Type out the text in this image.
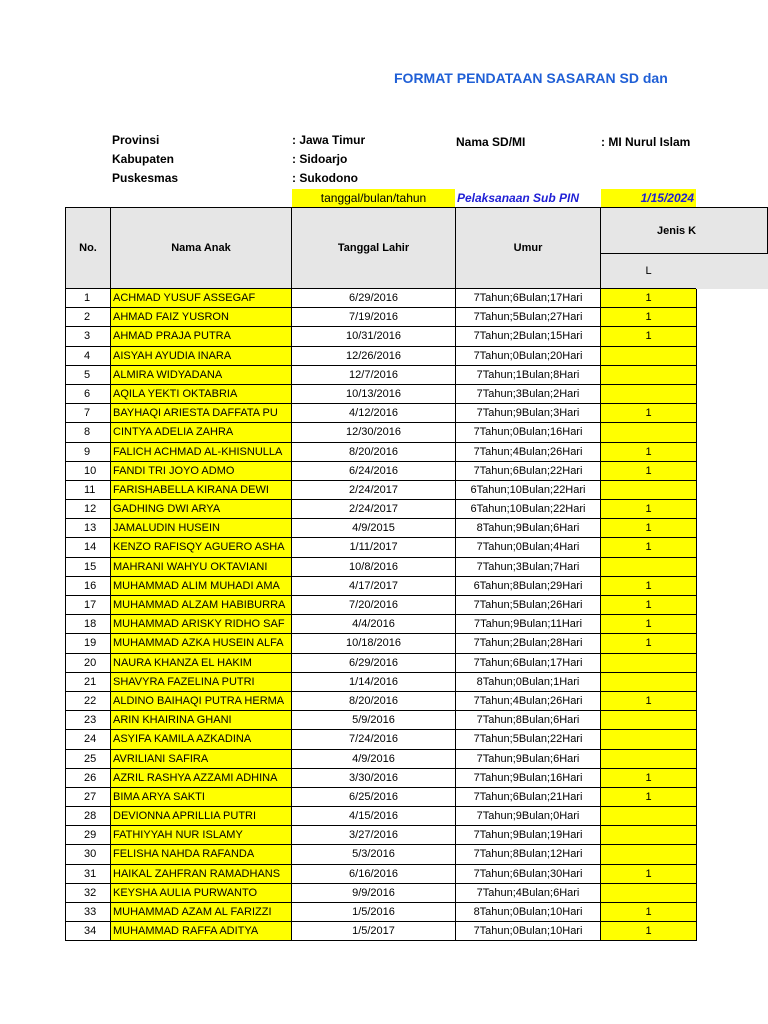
FORMAT PENDATAAN SASARAN SD dan
Provinsi	: Jawa Timur
Kabupaten	: Sidoarjo
Puskesmas	: Sukodono
Nama SD/MI	: MI Nurul Islam
tanggal/bulan/tahun	Pelaksanaan Sub PIN	1/15/2024
No.	Nama Anak	Tanggal Lahir	Umur
Jenis K
L
1	ACHMAD YUSUF ASSEGAF	6/29/2016	7Tahun;6Bulan;17Hari	1
2	AHMAD FAIZ YUSRON	7/19/2016	7Tahun;5Bulan;27Hari	1
3	AHMAD PRAJA PUTRA	10/31/2016	7Tahun;2Bulan;15Hari	1
4	AISYAH AYUDIA INARA	12/26/2016	7Tahun;0Bulan;20Hari
5	ALMIRA WIDYADANA	12/7/2016	7Tahun;1Bulan;8Hari
6	AQILA YEKTI OKTABRIA	10/13/2016	7Tahun;3Bulan;2Hari
7	BAYHAQI ARIESTA DAFFATA PU	4/12/2016	7Tahun;9Bulan;3Hari	1
8	CINTYA ADELIA ZAHRA	12/30/2016	7Tahun;0Bulan;16Hari
9	FALICH ACHMAD AL-KHISNULLA	8/20/2016	7Tahun;4Bulan;26Hari	1
10	FANDI TRI JOYO ADMO	6/24/2016	7Tahun;6Bulan;22Hari	1
11	FARISHABELLA KIRANA DEWI	2/24/2017	6Tahun;10Bulan;22Hari
12	GADHING DWI ARYA	2/24/2017	6Tahun;10Bulan;22Hari	1
13	JAMALUDIN HUSEIN	4/9/2015	8Tahun;9Bulan;6Hari	1
14	KENZO RAFISQY AGUERO ASHA	1/11/2017	7Tahun;0Bulan;4Hari	1
15	MAHRANI WAHYU OKTAVIANI	10/8/2016	7Tahun;3Bulan;7Hari
16	MUHAMMAD ALIM MUHADI AMA	4/17/2017	6Tahun;8Bulan;29Hari	1
17	MUHAMMAD ALZAM HABIBURRA	7/20/2016	7Tahun;5Bulan;26Hari	1
18	MUHAMMAD ARISKY RIDHO SAF	4/4/2016	7Tahun;9Bulan;11Hari	1
19	MUHAMMAD AZKA HUSEIN ALFA	10/18/2016	7Tahun;2Bulan;28Hari	1
20	NAURA KHANZA EL HAKIM	6/29/2016	7Tahun;6Bulan;17Hari
21	SHAVYRA FAZELINA PUTRI	1/14/2016	8Tahun;0Bulan;1Hari
22	ALDINO BAIHAQI PUTRA HERMA	8/20/2016	7Tahun;4Bulan;26Hari	1
23	ARIN KHAIRINA GHANI	5/9/2016	7Tahun;8Bulan;6Hari
24	ASYIFA KAMILA AZKADINA	7/24/2016	7Tahun;5Bulan;22Hari
25	AVRILIANI SAFIRA	4/9/2016	7Tahun;9Bulan;6Hari
26	AZRIL RASHYA AZZAMI ADHINA	3/30/2016	7Tahun;9Bulan;16Hari	1
27	BIMA ARYA SAKTI	6/25/2016	7Tahun;6Bulan;21Hari	1
28	DEVIONNA APRILLIA PUTRI	4/15/2016	7Tahun;9Bulan;0Hari
29	FATHIYYAH NUR ISLAMY	3/27/2016	7Tahun;9Bulan;19Hari
30	FELISHA NAHDA RAFANDA	5/3/2016	7Tahun;8Bulan;12Hari
31	HAIKAL ZAHFRAN RAMADHANS	6/16/2016	7Tahun;6Bulan;30Hari	1
32	KEYSHA AULIA PURWANTO	9/9/2016	7Tahun;4Bulan;6Hari
33	MUHAMMAD AZAM AL FARIZZI	1/5/2016	8Tahun;0Bulan;10Hari	1
34	MUHAMMAD RAFFA ADITYA	1/5/2017	7Tahun;0Bulan;10Hari	1
